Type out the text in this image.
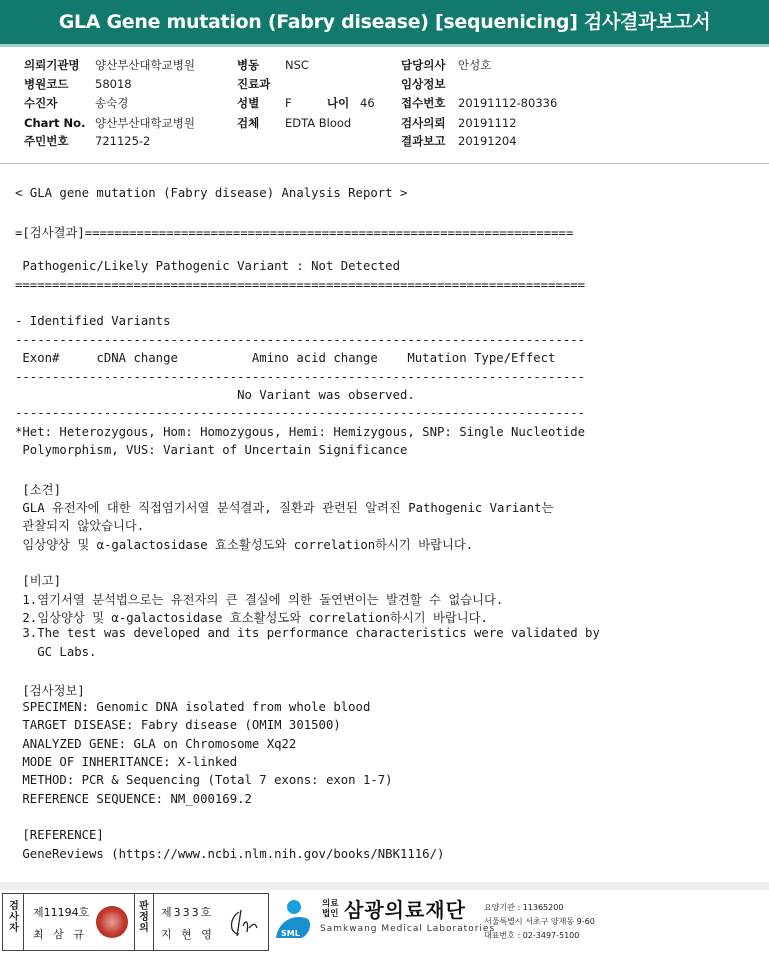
GLA Gene mutation (Fabry disease) [sequenicing] 검사결과보고서
의뢰기관명 양산부산대학교병원
병원코드 58018
수진자	송숙경
Chart No. 양산부산대학교병원
주민번호 721125-2
병동 NSC
진료과
성별 F	나이 46
검체 EDTA Blood
담당의사 안성호
임상정보
접수번호 20191112-80336
검사의뢰 20191112
결과보고 20191204
< GLA gene mutation (Fabry disease) Analysis Report >
=[검사결과]==================================================================
Pathogenic/Likely Pathogenic Variant : Not Detected
=============================================================================
- Identified Variants
-----------------------------------------------------------------------------
Exon#     cDNA change          Amino acid change    Mutation Type/Effect
-----------------------------------------------------------------------------
No Variant was observed.
-----------------------------------------------------------------------------
*Het: Heterozygous, Hom: Homozygous, Hemi: Hemizygous, SNP: Single Nucleotide
Polymorphism, VUS: Variant of Uncertain Significance
[소견]
GLA 유전자에 대한 직접염기서열 분석결과, 질환과 관련된 알려진 Pathogenic Variant는
관찰되지 않았습니다.
임상양상 및 α-galactosidase 효소활성도와 correlation하시기 바랍니다.
[비고]
1.염기서열 분석법으로는 유전자의 큰 결실에 의한 돌연변이는 발견할 수 없습니다.
2.임상양상 및 α-galactosidase 효소활성도와 correlation하시기 바랍니다.
3.The test was developed and its performance characteristics were validated by
GC Labs.
[검사정보]
SPECIMEN: Genomic DNA isolated from whole blood
TARGET DISEASE: Fabry disease (OMIM 301500)
ANALYZED GENE: GLA on Chromosome Xq22
MODE OF INHERITANCE: X-linked
METHOD: PCR & Sequencing (Total 7 exons: exon 1-7)
REFERENCE SEQUENCE: NM_000169.2
[REFERENCE]
GeneReviews (https://www.ncbi.nlm.nih.gov/books/NBK1116/)
검사자
제11194호
최 삼 규
판정의
제333호
지 현 영	SML
의료법인 삼광의료재단
Samkwang Medical Laboratories
요양기관 : 11365200
서울특별시 서초구 양재동 9-60
대표번호 : 02-3497-5100
